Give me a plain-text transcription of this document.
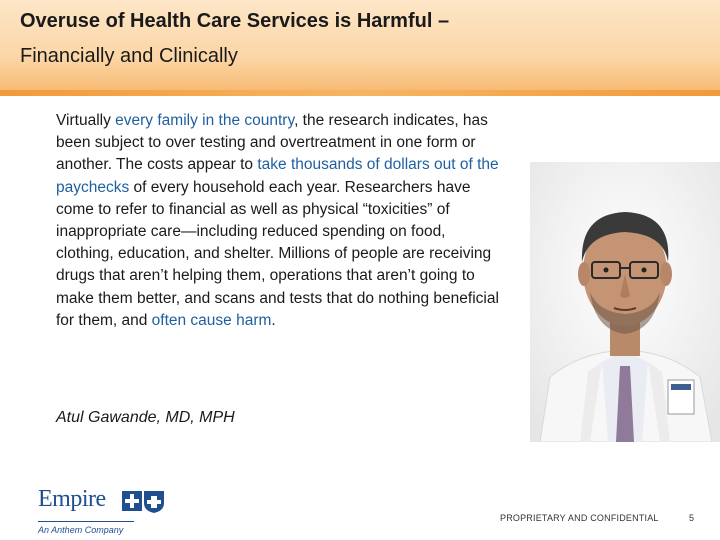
Overuse of Health Care Services is Harmful –
Financially and Clinically
Virtually every family in the country, the research indicates, has been subject to over testing and overtreatment in one form or another. The costs appear to take thousands of dollars out of the paychecks of every household each year. Researchers have come to refer to financial as well as physical “toxicities” of inappropriate care—including reduced spending on food, clothing, education, and shelter. Millions of people are receiving drugs that aren’t helping them, operations that aren’t going to make them better, and scans and tests that do nothing beneficial for them, and often cause harm.
Atul Gawande, MD, MPH
Empire
An Anthem Company
PROPRIETARY AND CONFIDENTIAL	5
